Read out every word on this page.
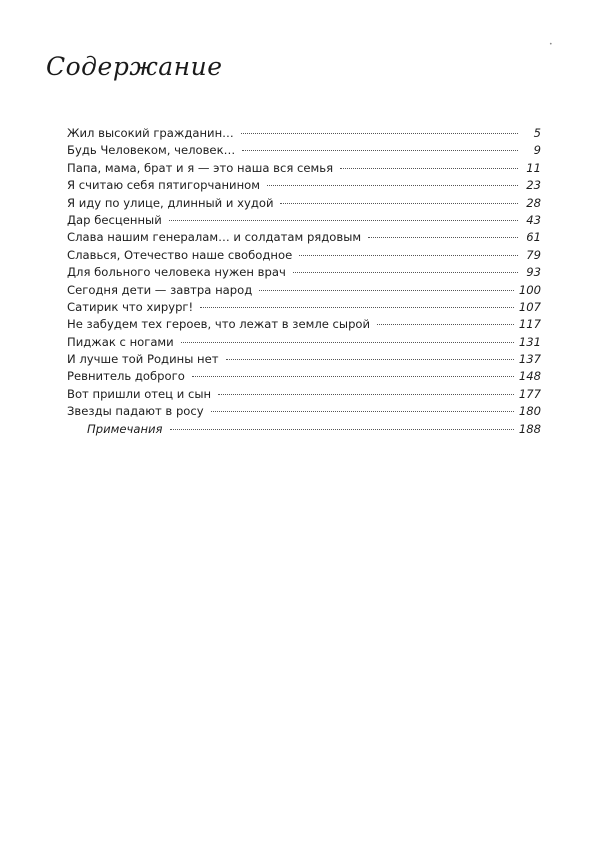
•
Содержание
Жил высокий гражданин…	5
Будь Человеком, человек…	9
Папа, мама, брат и я — это наша вся семья	11
Я считаю себя пятигорчанином	23
Я иду по улице, длинный и худой	28
Дар бесценный	43
Слава нашим генералам… и солдатам рядовым	61
Славься, Отечество наше свободное	79
Для больного человека нужен врач	93
Сегодня дети — завтра народ	100
Сатирик что хирург!	107
Не забудем тех героев, что лежат в земле сырой	117
Пиджак с ногами	131
И лучше той Родины нет	137
Ревнитель доброго	148
Вот пришли отец и сын	177
Звезды падают в росу	180
Примечания	188
